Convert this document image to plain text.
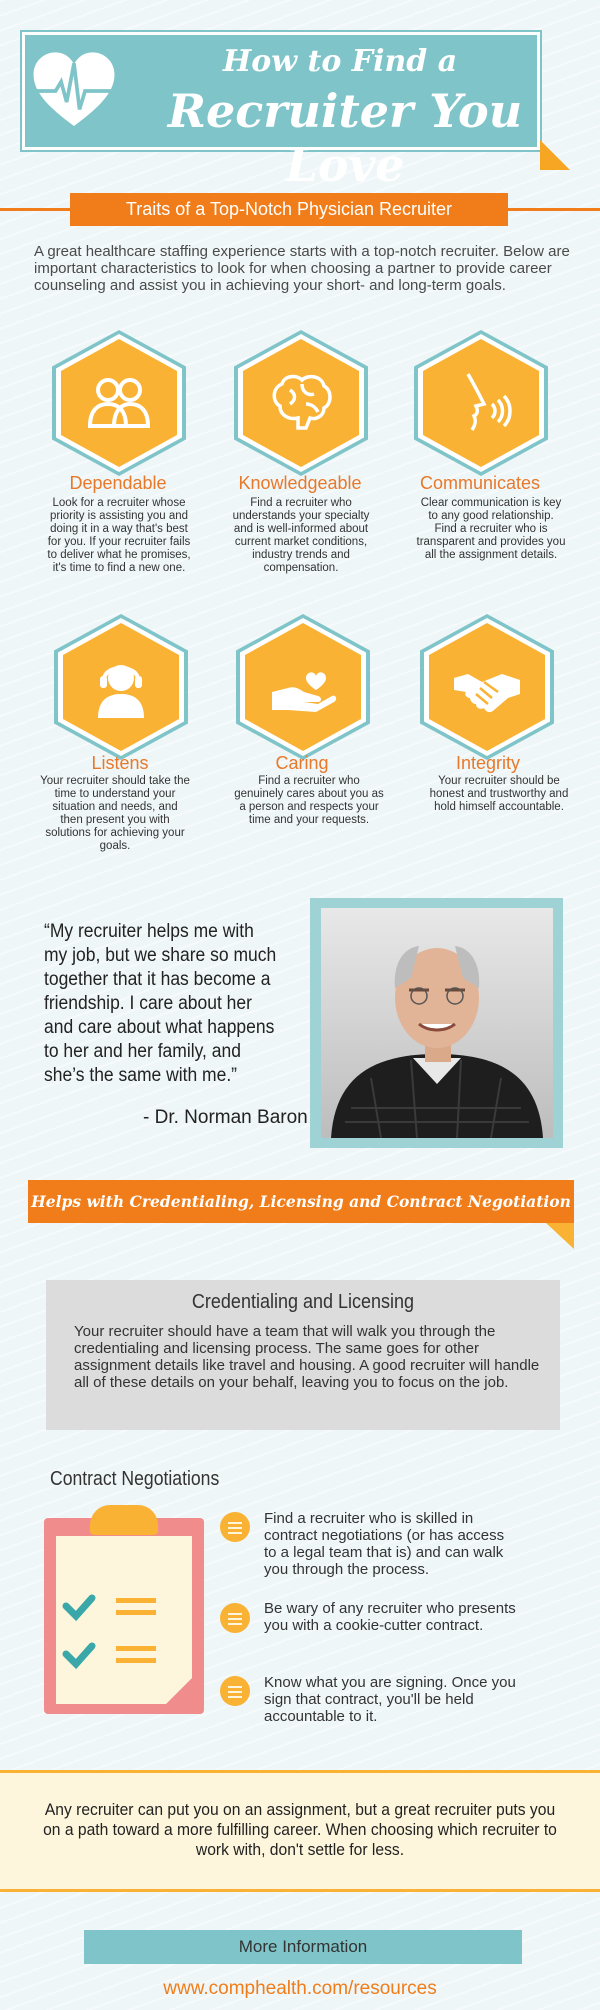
How to Find a
Recruiter You Love
Traits of a Top-Notch Physician Recruiter
A great healthcare staffing experience starts with a top-notch recruiter. Below are important characteristics to look for when choosing a partner to provide career counseling and assist you in achieving your short- and long-term goals.
Dependable
Look for a recruiter whose priority is assisting you and doing it in a way that's best for you. If your recruiter fails to deliver what he promises, it's time to find a new one.
Knowledgeable
Find a recruiter who understands your specialty and is well-informed about current market conditions, industry trends and compensation.
Communicates
Clear communication is key to any good relationship. Find a recruiter who is transparent and provides you all the assignment details.
Listens
Your recruiter should take the time to understand your situation and needs, and then present you with solutions for achieving your goals.
Caring
Find a recruiter who genuinely cares about you as a person and respects your time and your requests.
Integrity
Your recruiter should be honest and trustworthy and hold himself accountable.
“My recruiter helps me with my job, but we share so much together that it has become a friendship. I care about her and care about what happens to her and her family, and she’s the same with me.”
- Dr. Norman Baron
Helps with Credentialing, Licensing and Contract Negotiation
Credentialing and Licensing
Your recruiter should have a team that will walk you through the credentialing and licensing process. The same goes for other assignment details like travel and housing. A good recruiter will handle all of these details on your behalf, leaving you to focus on the job.
Contract Negotiations
Find a recruiter who is skilled in contract negotiations (or has access to a legal team that is) and can walk you through the process.
Be wary of any recruiter who presents you with a cookie-cutter contract.
Know what you are signing. Once you sign that contract, you'll be held accountable to it.
Any recruiter can put you on an assignment, but a great recruiter puts you on a path toward a more fulfilling career. When choosing which recruiter to work with, don't settle for less.
More Information
www.comphealth.com/resources
